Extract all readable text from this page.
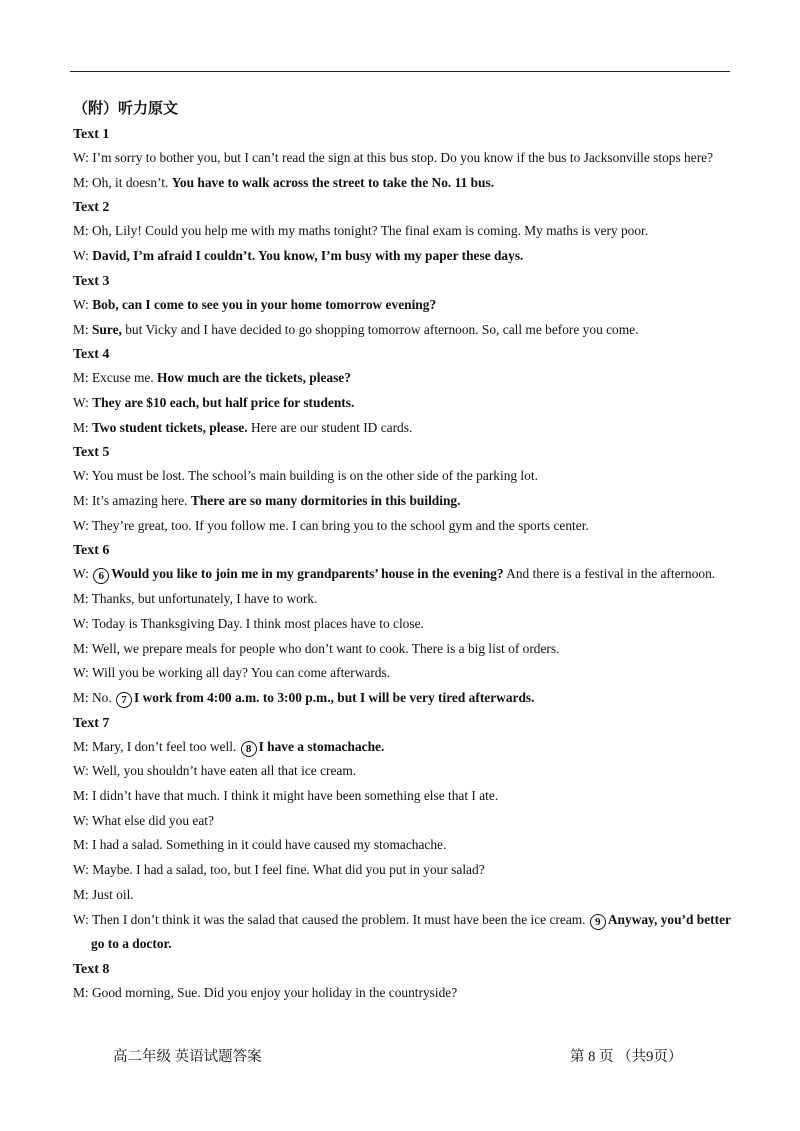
（附）听力原文
Text 1
W: I’m sorry to bother you, but I can’t read the sign at this bus stop. Do you know if the bus to Jacksonville stops here?
M: Oh, it doesn’t. You have to walk across the street to take the No. 11 bus.
Text 2
M: Oh, Lily! Could you help me with my maths tonight? The final exam is coming. My maths is very poor.
W: David, I’m afraid I couldn’t. You know, I’m busy with my paper these days.
Text 3
W: Bob, can I come to see you in your home tomorrow evening?
M: Sure, but Vicky and I have decided to go shopping tomorrow afternoon. So, call me before you come.
Text 4
M: Excuse me. How much are the tickets, please?
W: They are $10 each, but half price for students.
M: Two student tickets, please. Here are our student ID cards.
Text 5
W: You must be lost. The school’s main building is on the other side of the parking lot.
M: It’s amazing here. There are so many dormitories in this building.
W: They’re great, too. If you follow me. I can bring you to the school gym and the sports center.
Text 6
W: 6 Would you like to join me in my grandparents’ house in the evening? And there is a festival in the afternoon.
M: Thanks, but unfortunately, I have to work.
W: Today is Thanksgiving Day. I think most places have to close.
M: Well, we prepare meals for people who don’t want to cook. There is a big list of orders.
W: Will you be working all day? You can come afterwards.
M: No. 7 I work from 4:00 a.m. to 3:00 p.m., but I will be very tired afterwards.
Text 7
M: Mary, I don’t feel too well. 8 I have a stomachache.
W: Well, you shouldn’t have eaten all that ice cream.
M: I didn’t have that much. I think it might have been something else that I ate.
W: What else did you eat?
M: I had a salad. Something in it could have caused my stomachache.
W: Maybe. I had a salad, too, but I feel fine. What did you put in your salad?
M: Just oil.
W: Then I don’t think it was the salad that caused the problem. It must have been the ice cream. 9 Anyway, you’d better go to a doctor.
Text 8
M: Good morning, Sue. Did you enjoy your holiday in the countryside?
高二年级 英语试题答案	第 8 页 （共9页）
